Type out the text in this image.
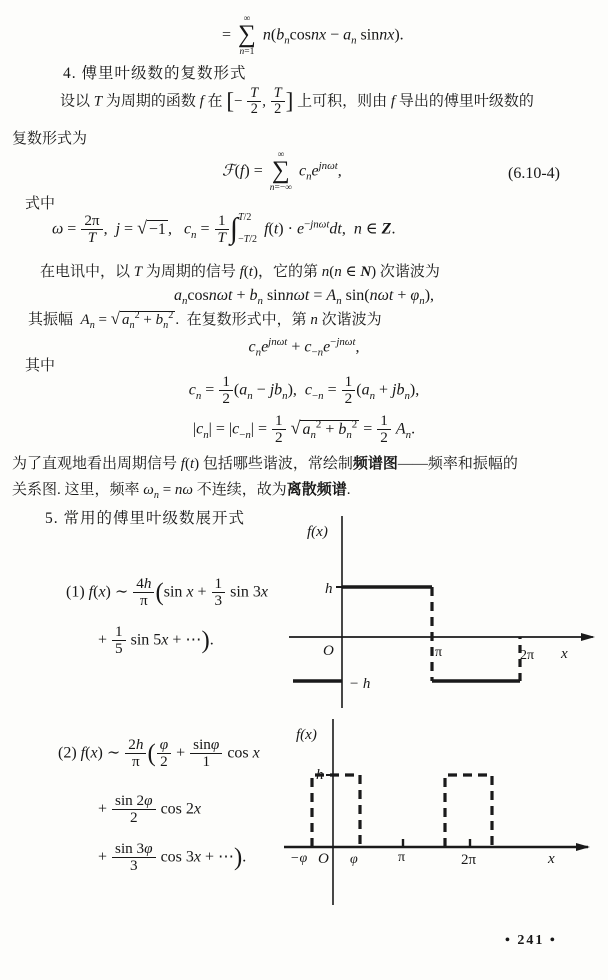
=
∞
∑
n=1
$n(b_ncosnx - a_n$ sinnx).
4. 傅里叶级数的复数形式
设以 T 为周期的函数 f 在 [− $\frac{T}{2}$ , $\frac{T}{2}$ ] 上可积，则由 f 导出的傅里叶级数的
复数形式为
ℱ(f) =
∞
∑
n=−∞
$c_ne^{jn\omega t}$,	(6.10-4)
式中
$\omega = \frac{2\pi}{T}$ ,  j = √ −1 ,   $c_n = \frac{1}{T}$ ∫ T/2
−T/2
$f(t) \cdot e^{-jn\omega t}dt$,  n ∈ Z.
在电讯中，以 T 为周期的信号 f(t)，它的第 n(n ∈ N) 次谐波为
$a_n\cos n\omega t + b_n$ $\sin n\omega t = A_n$ $\sin(n\omega t + \varphi_n)$,
其振幅  $A_n$ = √ $a_n^2 + b_n^2$ .  在复数形式中，第 n 次谐波为
$c_ne^{jn\omega t} + c_{-n}e^{-jn\omega t}$,
其中
$c_n = \frac{1}{2} (a_n - jb_n)$,  $c_{-n} = \frac{1}{2} (a_n + jb_n)$,
$|c_n| = |c_{-n}| = \frac{1}{2}$ √ $a_n^2 + b_n^2 = \frac{1}{2} A_n$.
为了直观地看出周期信号 f(t) 包括哪些谐波，常绘制频谱图——频率和振幅的
关系图. 这里，频率 $\omega_n = n\omega$ 不连续，故为离散频谱.
5. 常用的傅里叶级数展开式
f(x)
h
O	π	2π x
− h
(1) f(x) ∼ $\frac{4h}{\pi} (\sin$ $x + \frac{1}{3}$ sin 3x
+ $\frac{1}{5}$ sin 5x + ⋯).
f(x)
h
−φ O φ	π	2π	x
(2) f(x) ∼ $\frac{2h}{\pi}$ ( $\frac{\varphi}{2} + \frac{\sin\varphi}{1}$ cos x
+ $\frac{\sin 2\varphi}{2}$ cos 2x
+ $\frac{\sin 3\varphi}{3}$ cos 3x + ⋯).
• 241 •
